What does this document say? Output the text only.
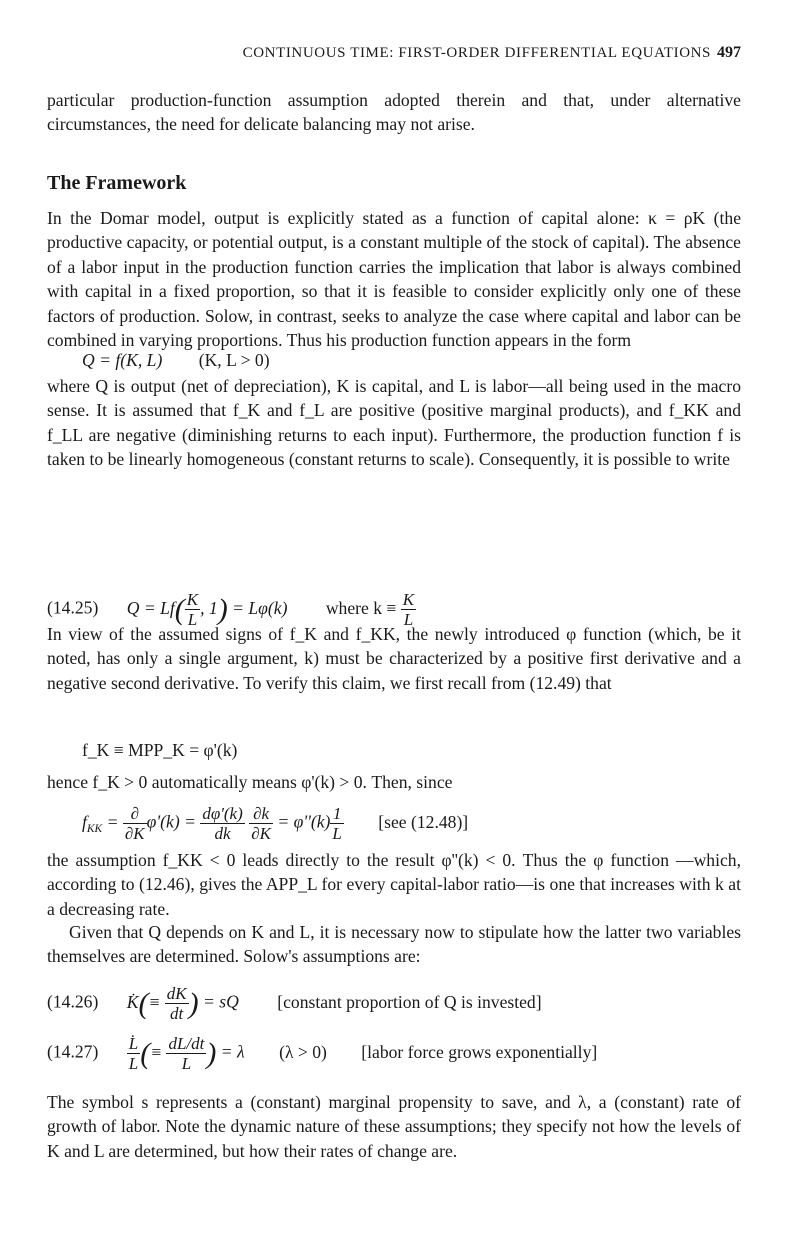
CONTINUOUS TIME: FIRST-ORDER DIFFERENTIAL EQUATIONS 497

particular production-function assumption adopted therein and that, under alternative circumstances, the need for delicate balancing may not arise.

The Framework

In the Domar model, output is explicitly stated as a function of capital alone: κ = ρK (the productive capacity, or potential output, is a constant multiple of the stock of capital). The absence of a labor input in the production function carries the implication that labor is always combined with capital in a fixed proportion, so that it is feasible to consider explicitly only one of these factors of production. Solow, in contrast, seeks to analyze the case where capital and labor can be combined in varying proportions. Thus his production function appears in the form

Q = f(K, L) (K, L > 0)

where Q is output (net of depreciation), K is capital, and L is labor—all being used in the macro sense. It is assumed that f_K and f_L are positive (positive marginal products), and f_KK and f_LL are negative (diminishing returns to each input). Furthermore, the production function f is taken to be linearly homogeneous (constant returns to scale). Consequently, it is possible to write

(14.25) $Q = Lf( \frac{K}{L}$ , 1) = Lφ(k) where $k \equiv \frac{K}{L}$

In view of the assumed signs of f_K and f_KK, the newly introduced φ function (which, be it noted, has only a single argument, k) must be characterized by a positive first derivative and a negative second derivative. To verify this claim, we first recall from (12.49) that

f_K ≡ MPP_K = φ'(k)

hence f_K > 0 automatically means φ'(k) > 0. Then, since

$f_{KK} = \frac{\partial}{\partial K} \varphi'(k) = \frac{d\varphi'(k)}{dk}$
$\frac{\partial k}{\partial K} = \varphi''(k) \frac{1}{L} [see$ (12.48)]

the assumption f_KK < 0 leads directly to the result φ''(k) < 0. Thus the φ function —which, according to (12.46), gives the APP_L for every capital-labor ratio—is one that increases with k at a decreasing rate.

Given that Q depends on K and L, it is necessary now to stipulate how the latter two variables themselves are determined. Solow's assumptions are:

(14.26) K̇(≡ $\frac{dK}{dt}$ ) = sQ [constant proportion of Q is invested]
$(14.27) \frac{L̇}{L}$ (≡ $\frac{dL/dt}{L}$ ) = λ (λ > 0) [labor force grows exponentially]

The symbol s represents a (constant) marginal propensity to save, and λ, a (constant) rate of growth of labor. Note the dynamic nature of these assumptions; they specify not how the levels of K and L are determined, but how their rates of change are.
